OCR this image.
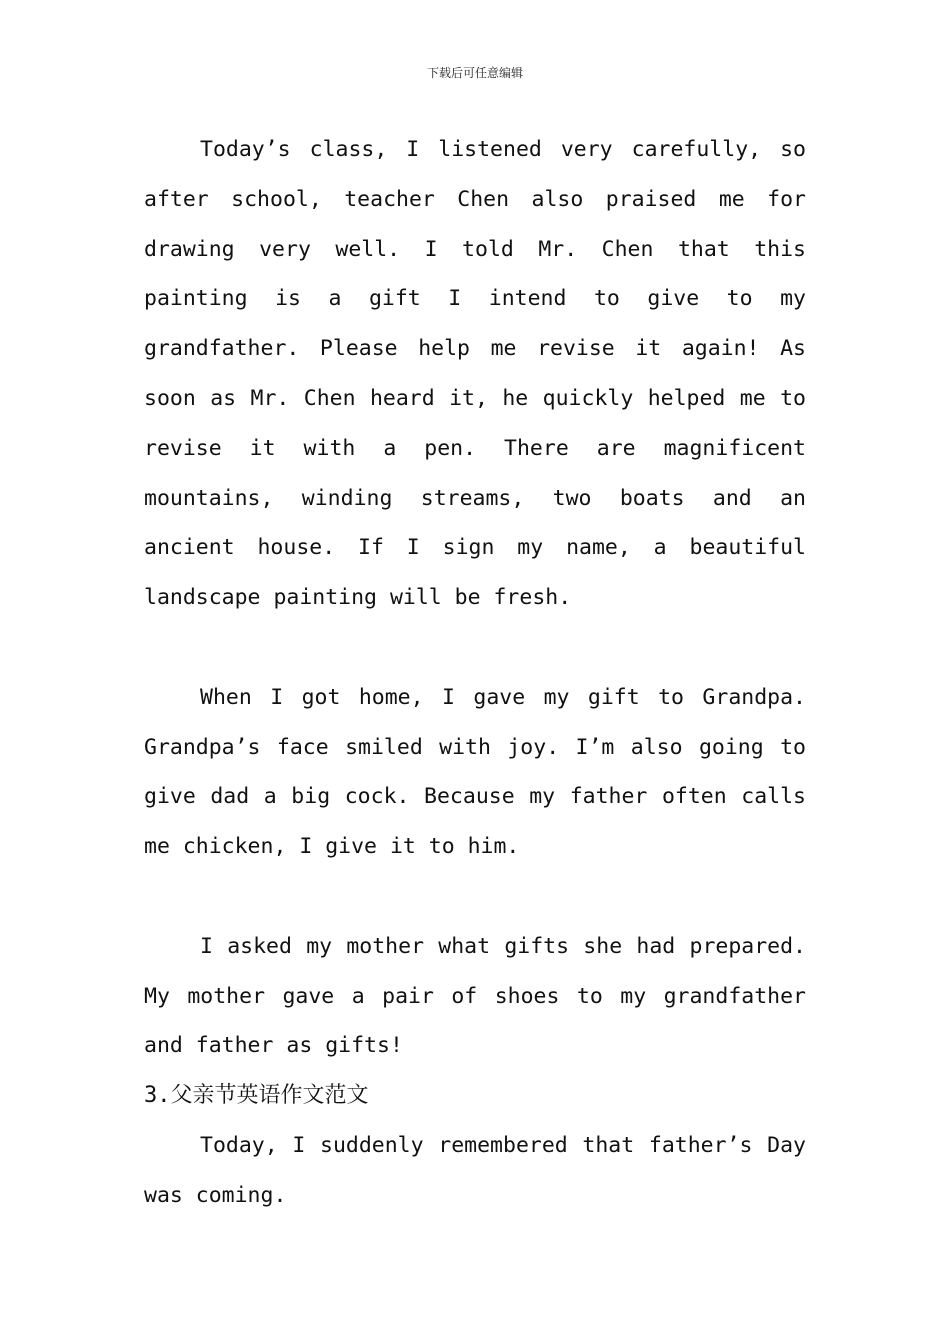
下载后可任意编辑

Today’s class, I listened very carefully, so after school, teacher Chen also praised me for drawing very well. I told Mr. Chen that this painting is a gift I intend to give to my grandfather. Please help me revise it again! As soon as Mr. Chen heard it, he quickly helped me to revise it with a pen. There are magnificent mountains, winding streams, two boats and an ancient house. If I sign my name, a beautiful landscape painting will be fresh.

When I got home, I gave my gift to Grandpa. Grandpa’s face smiled with joy. I’m also going to give dad a big cock. Because my father often calls me chicken, I give it to him.

I asked my mother what gifts she had prepared. My mother gave a pair of shoes to my grandfather and father as gifts!

3.父亲节英语作文范文

Today, I suddenly remembered that father’s Day was coming.
